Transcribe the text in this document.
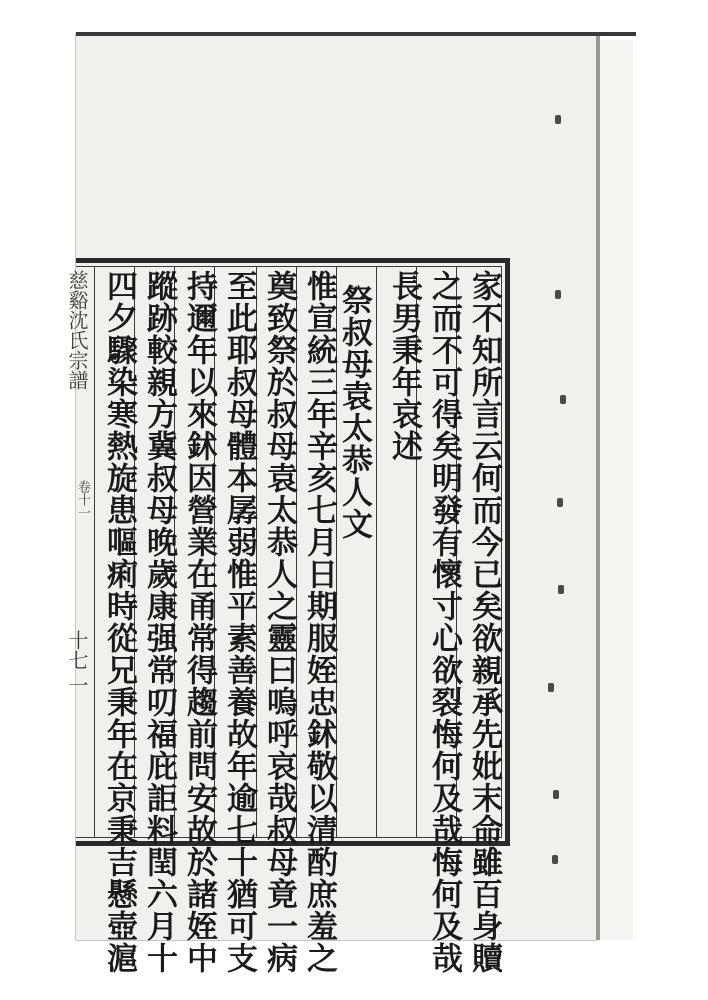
家不知所言云何而今已矣欲親承先妣末命雖百身贖
之而不可得矣明發有懷寸心欲裂悔何及哉悔何及哉
長男秉年哀述
祭叔母袁太恭人文
惟宣統三年辛亥七月日期服姪忠鉥敬以清酌庶羞之
奠致祭於叔母袁太恭人之靈曰嗚呼哀哉叔母竟一病
至此耶叔母體本孱弱惟平素善養故年逾七十猶可支
持邇年以來鉥因營業在甬常得趨前問安故於諸姪中
蹤跡較親方冀叔母晚歲康强常叨福庇詎料閏六月十
四夕驟染寒熱旋患嘔痢時從兄秉年在京秉吉懸壺滬
慈谿沈氏宗譜
卷十一
十七
一
